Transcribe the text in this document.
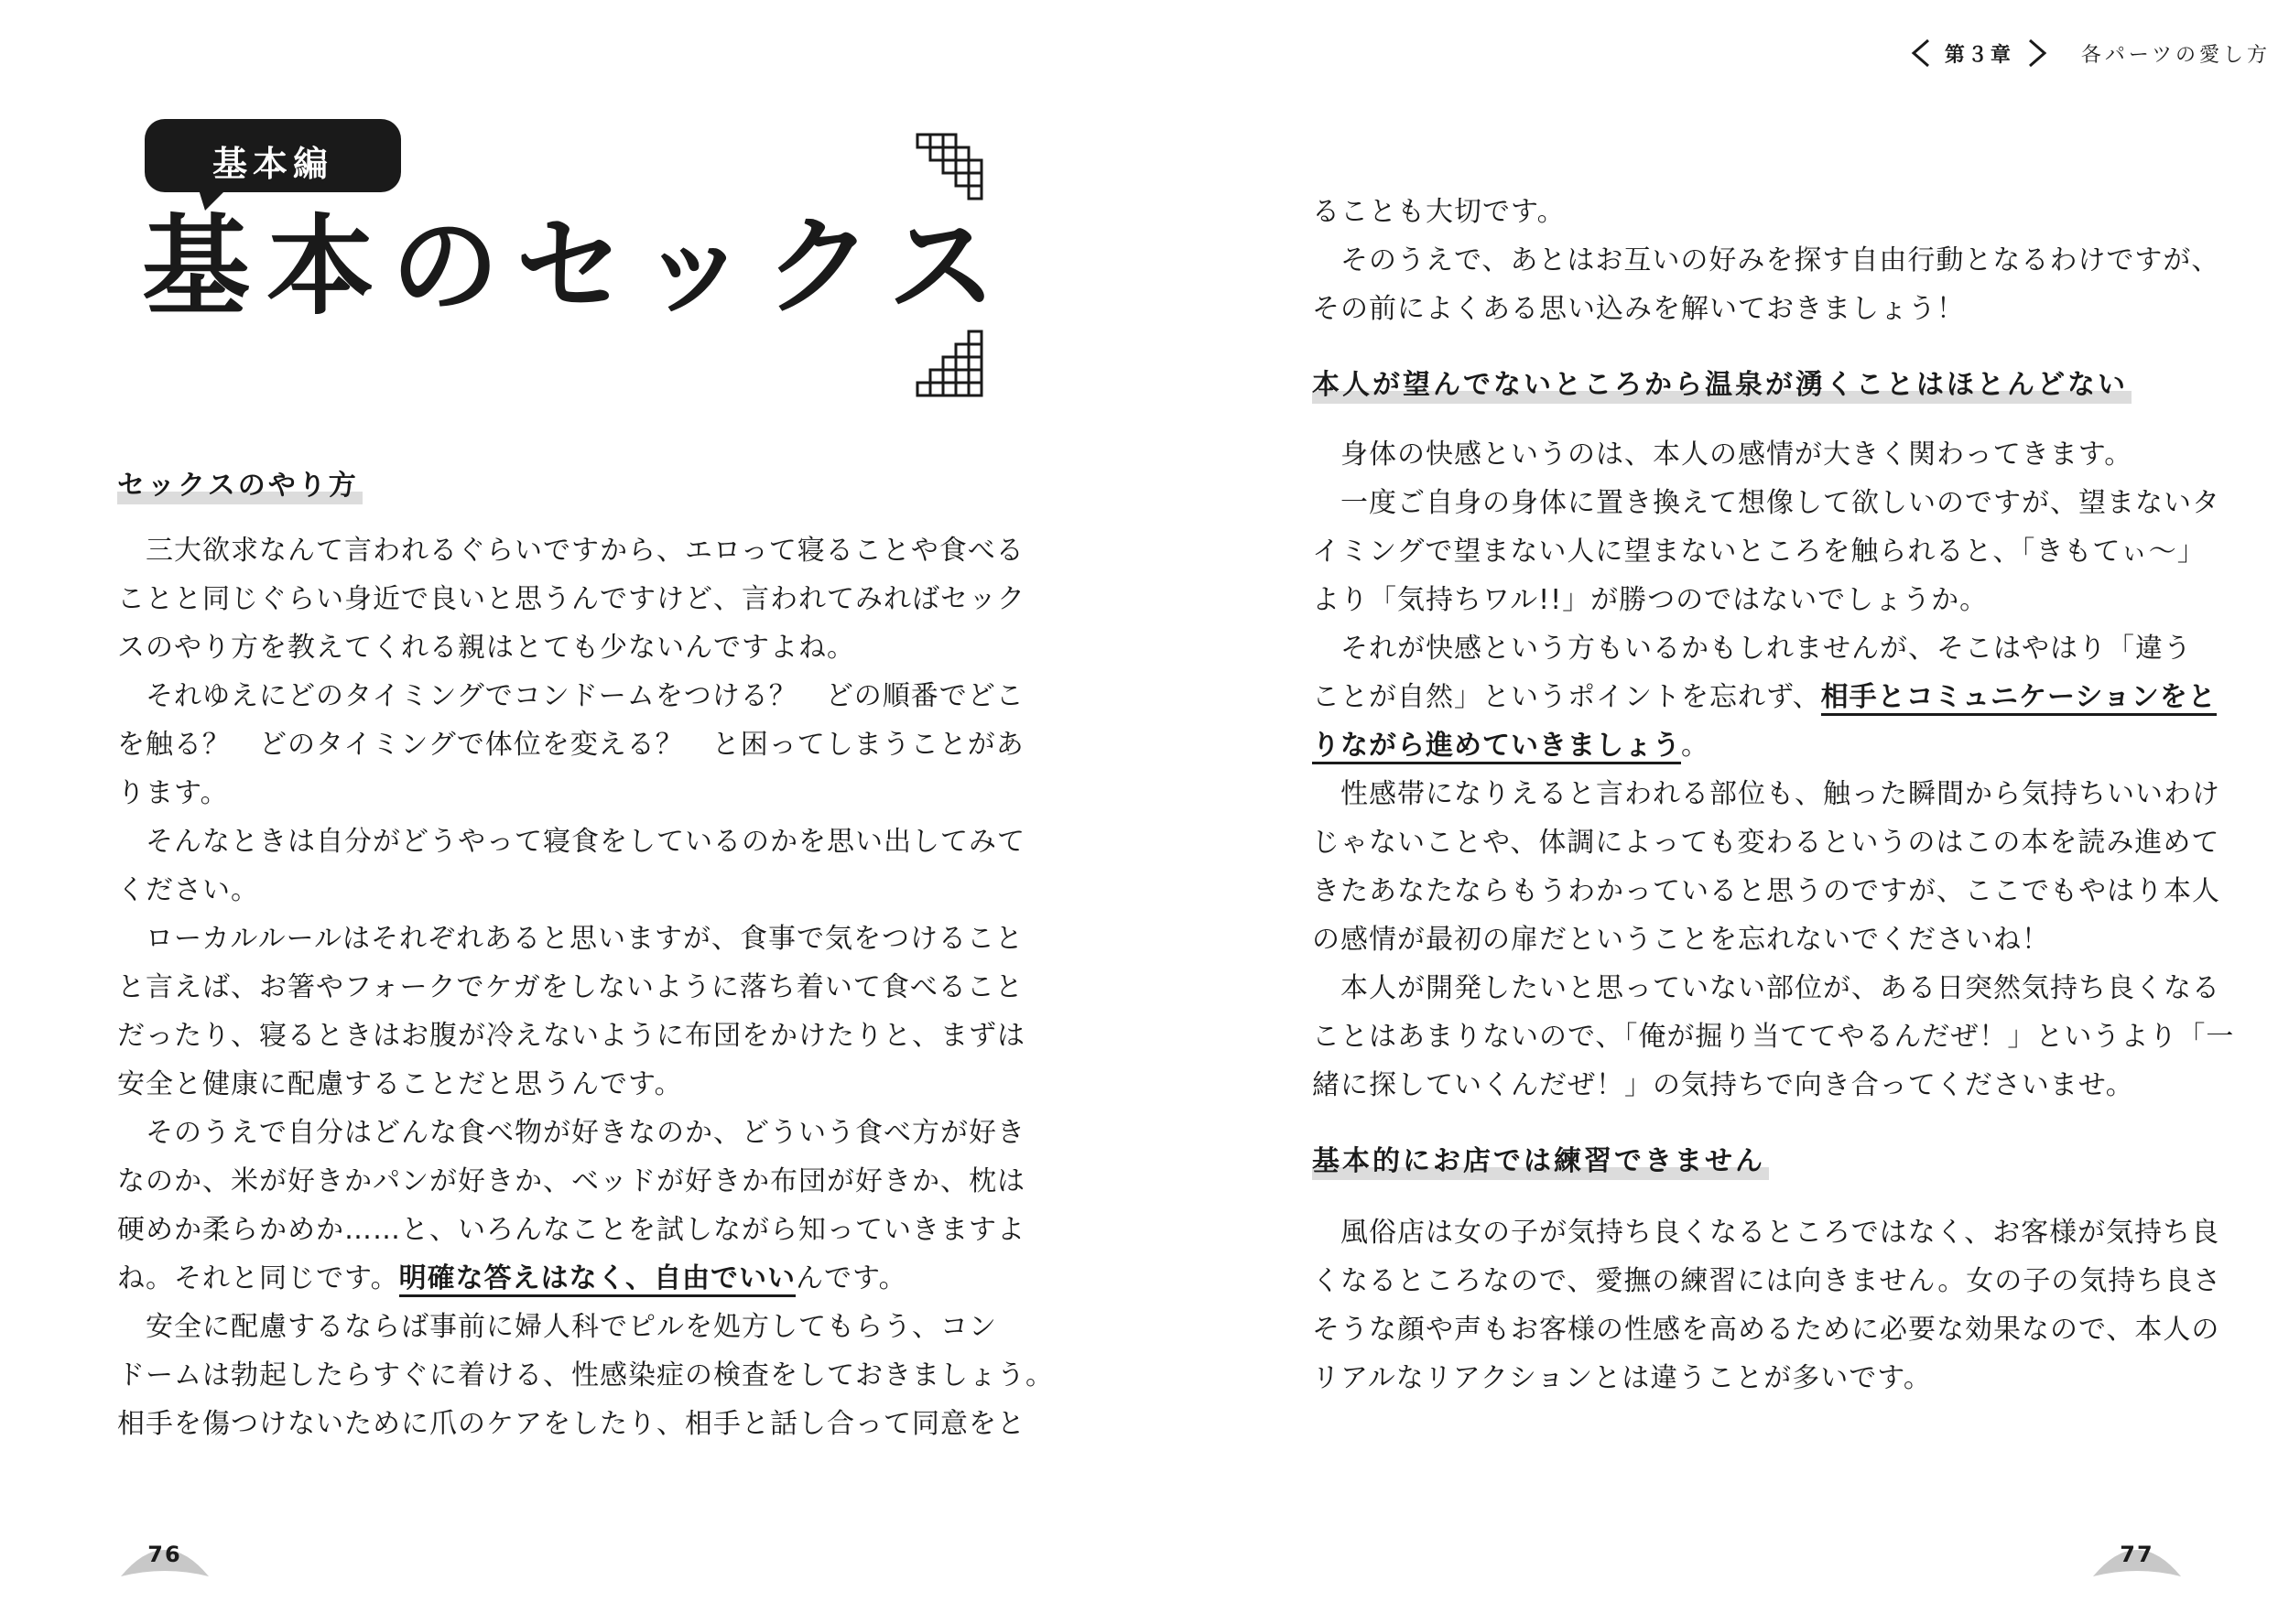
基本編
基本のセックス
セックスのやり方

　三大欲求なんて言われるぐらいですから、エロって寝ることや食べる

ことと同じぐらい身近で良いと思うんですけど、言われてみればセック

スのやり方を教えてくれる親はとても少ないんですよね。

　それゆえにどのタイミングでコンドームをつける？　どの順番でどこ

を触る？　どのタイミングで体位を変える？　と困ってしまうことがあ

ります。

　そんなときは自分がどうやって寝食をしているのかを思い出してみて

ください。

　ローカルルールはそれぞれあると思いますが、食事で気をつけること

と言えば、お箸やフォークでケガをしないように落ち着いて食べること

だったり、寝るときはお腹が冷えないように布団をかけたりと、まずは

安全と健康に配慮することだと思うんです。

　そのうえで自分はどんな食べ物が好きなのか、どういう食べ方が好き

なのか、米が好きかパンが好きか、ベッドが好きか布団が好きか、枕は

硬めか柔らかめか……と、いろんなことを試しながら知っていきますよ

ね。それと同じです。明確な答えはなく、自由でいいんです。

　安全に配慮するならば事前に婦人科でピルを処方してもらう、コン

ドームは勃起したらすぐに着ける、性感染症の検査をしておきましょう。

相手を傷つけないために爪のケアをしたり、相手と話し合って同意をと

76
第３章	各パーツの愛し方

ることも大切です。

　そのうえで、あとはお互いの好みを探す自由行動となるわけですが、

その前によくある思い込みを解いておきましょう！

本人が望んでないところから温泉が湧くことはほとんどない

　身体の快感というのは、本人の感情が大きく関わってきます。

　一度ご自身の身体に置き換えて想像して欲しいのですが、望まないタ

イミングで望まない人に望まないところを触られると、「きもてぃ〜」

より「気持ちワル!!」が勝つのではないでしょうか。

　それが快感という方もいるかもしれませんが、そこはやはり「違う

ことが自然」というポイントを忘れず、相手とコミュニケーションをと

りながら進めていきましょう。

　性感帯になりえると言われる部位も、触った瞬間から気持ちいいわけ

じゃないことや、体調によっても変わるというのはこの本を読み進めて

きたあなたならもうわかっていると思うのですが、ここでもやはり本人

の感情が最初の扉だということを忘れないでくださいね！

　本人が開発したいと思っていない部位が、ある日突然気持ち良くなる

ことはあまりないので、「俺が掘り当ててやるんだぜ！」というより「一

緒に探していくんだぜ！」の気持ちで向き合ってくださいませ。

基本的にお店では練習できません

　風俗店は女の子が気持ち良くなるところではなく、お客様が気持ち良

くなるところなので、愛撫の練習には向きません。女の子の気持ち良さ

そうな顔や声もお客様の性感を高めるために必要な効果なので、本人の

リアルなリアクションとは違うことが多いです。

77
